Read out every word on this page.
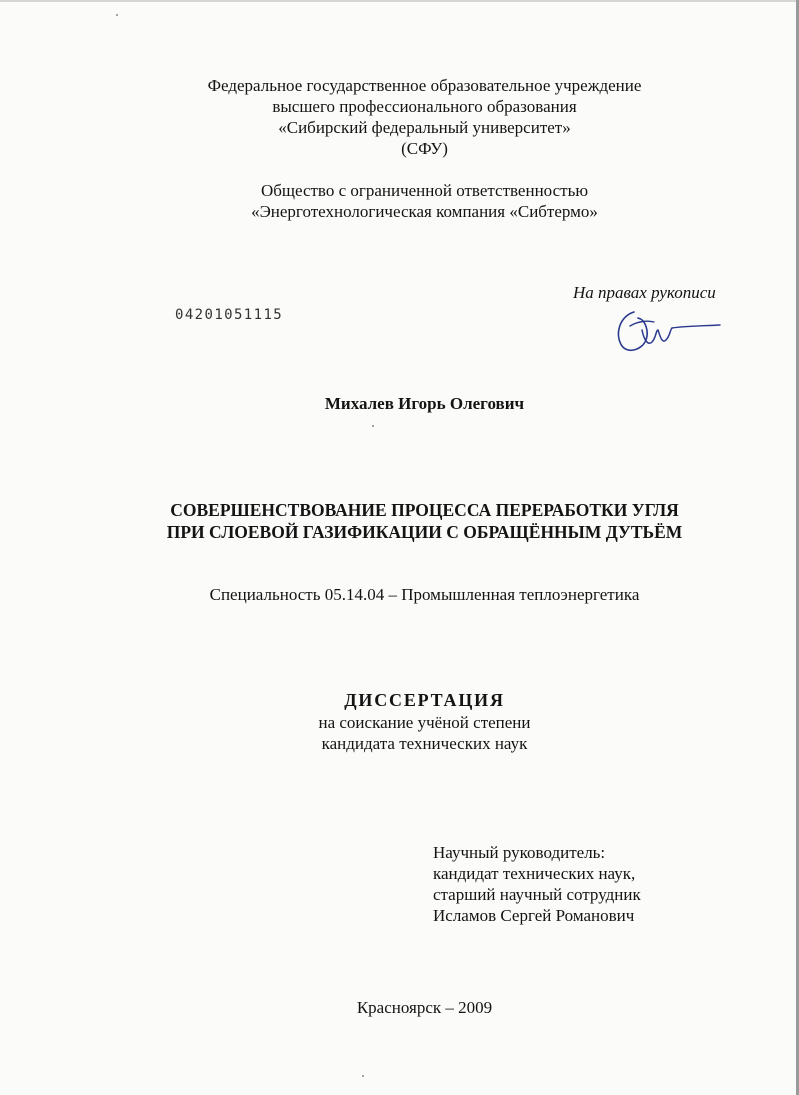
Федеральное государственное образовательное учреждение
высшего профессионального образования
«Сибирский федеральный университет»
(СФУ)
Общество с ограниченной ответственностью
«Энерготехнологическая компания «Сибтермо»
На правах рукописи
04201051115
Михалев Игорь Олегович
СОВЕРШЕНСТВОВАНИЕ ПРОЦЕССА ПЕРЕРАБОТКИ УГЛЯ
ПРИ СЛОЕВОЙ ГАЗИФИКАЦИИ С ОБРАЩЁННЫМ ДУТЬЁМ
Специальность 05.14.04 – Промышленная теплоэнергетика
ДИССЕРТАЦИЯ
на соискание учёной степени
кандидата технических наук
Научный руководитель:
кандидат технических наук,
старший научный сотрудник
Исламов Сергей Романович
Красноярск – 2009
